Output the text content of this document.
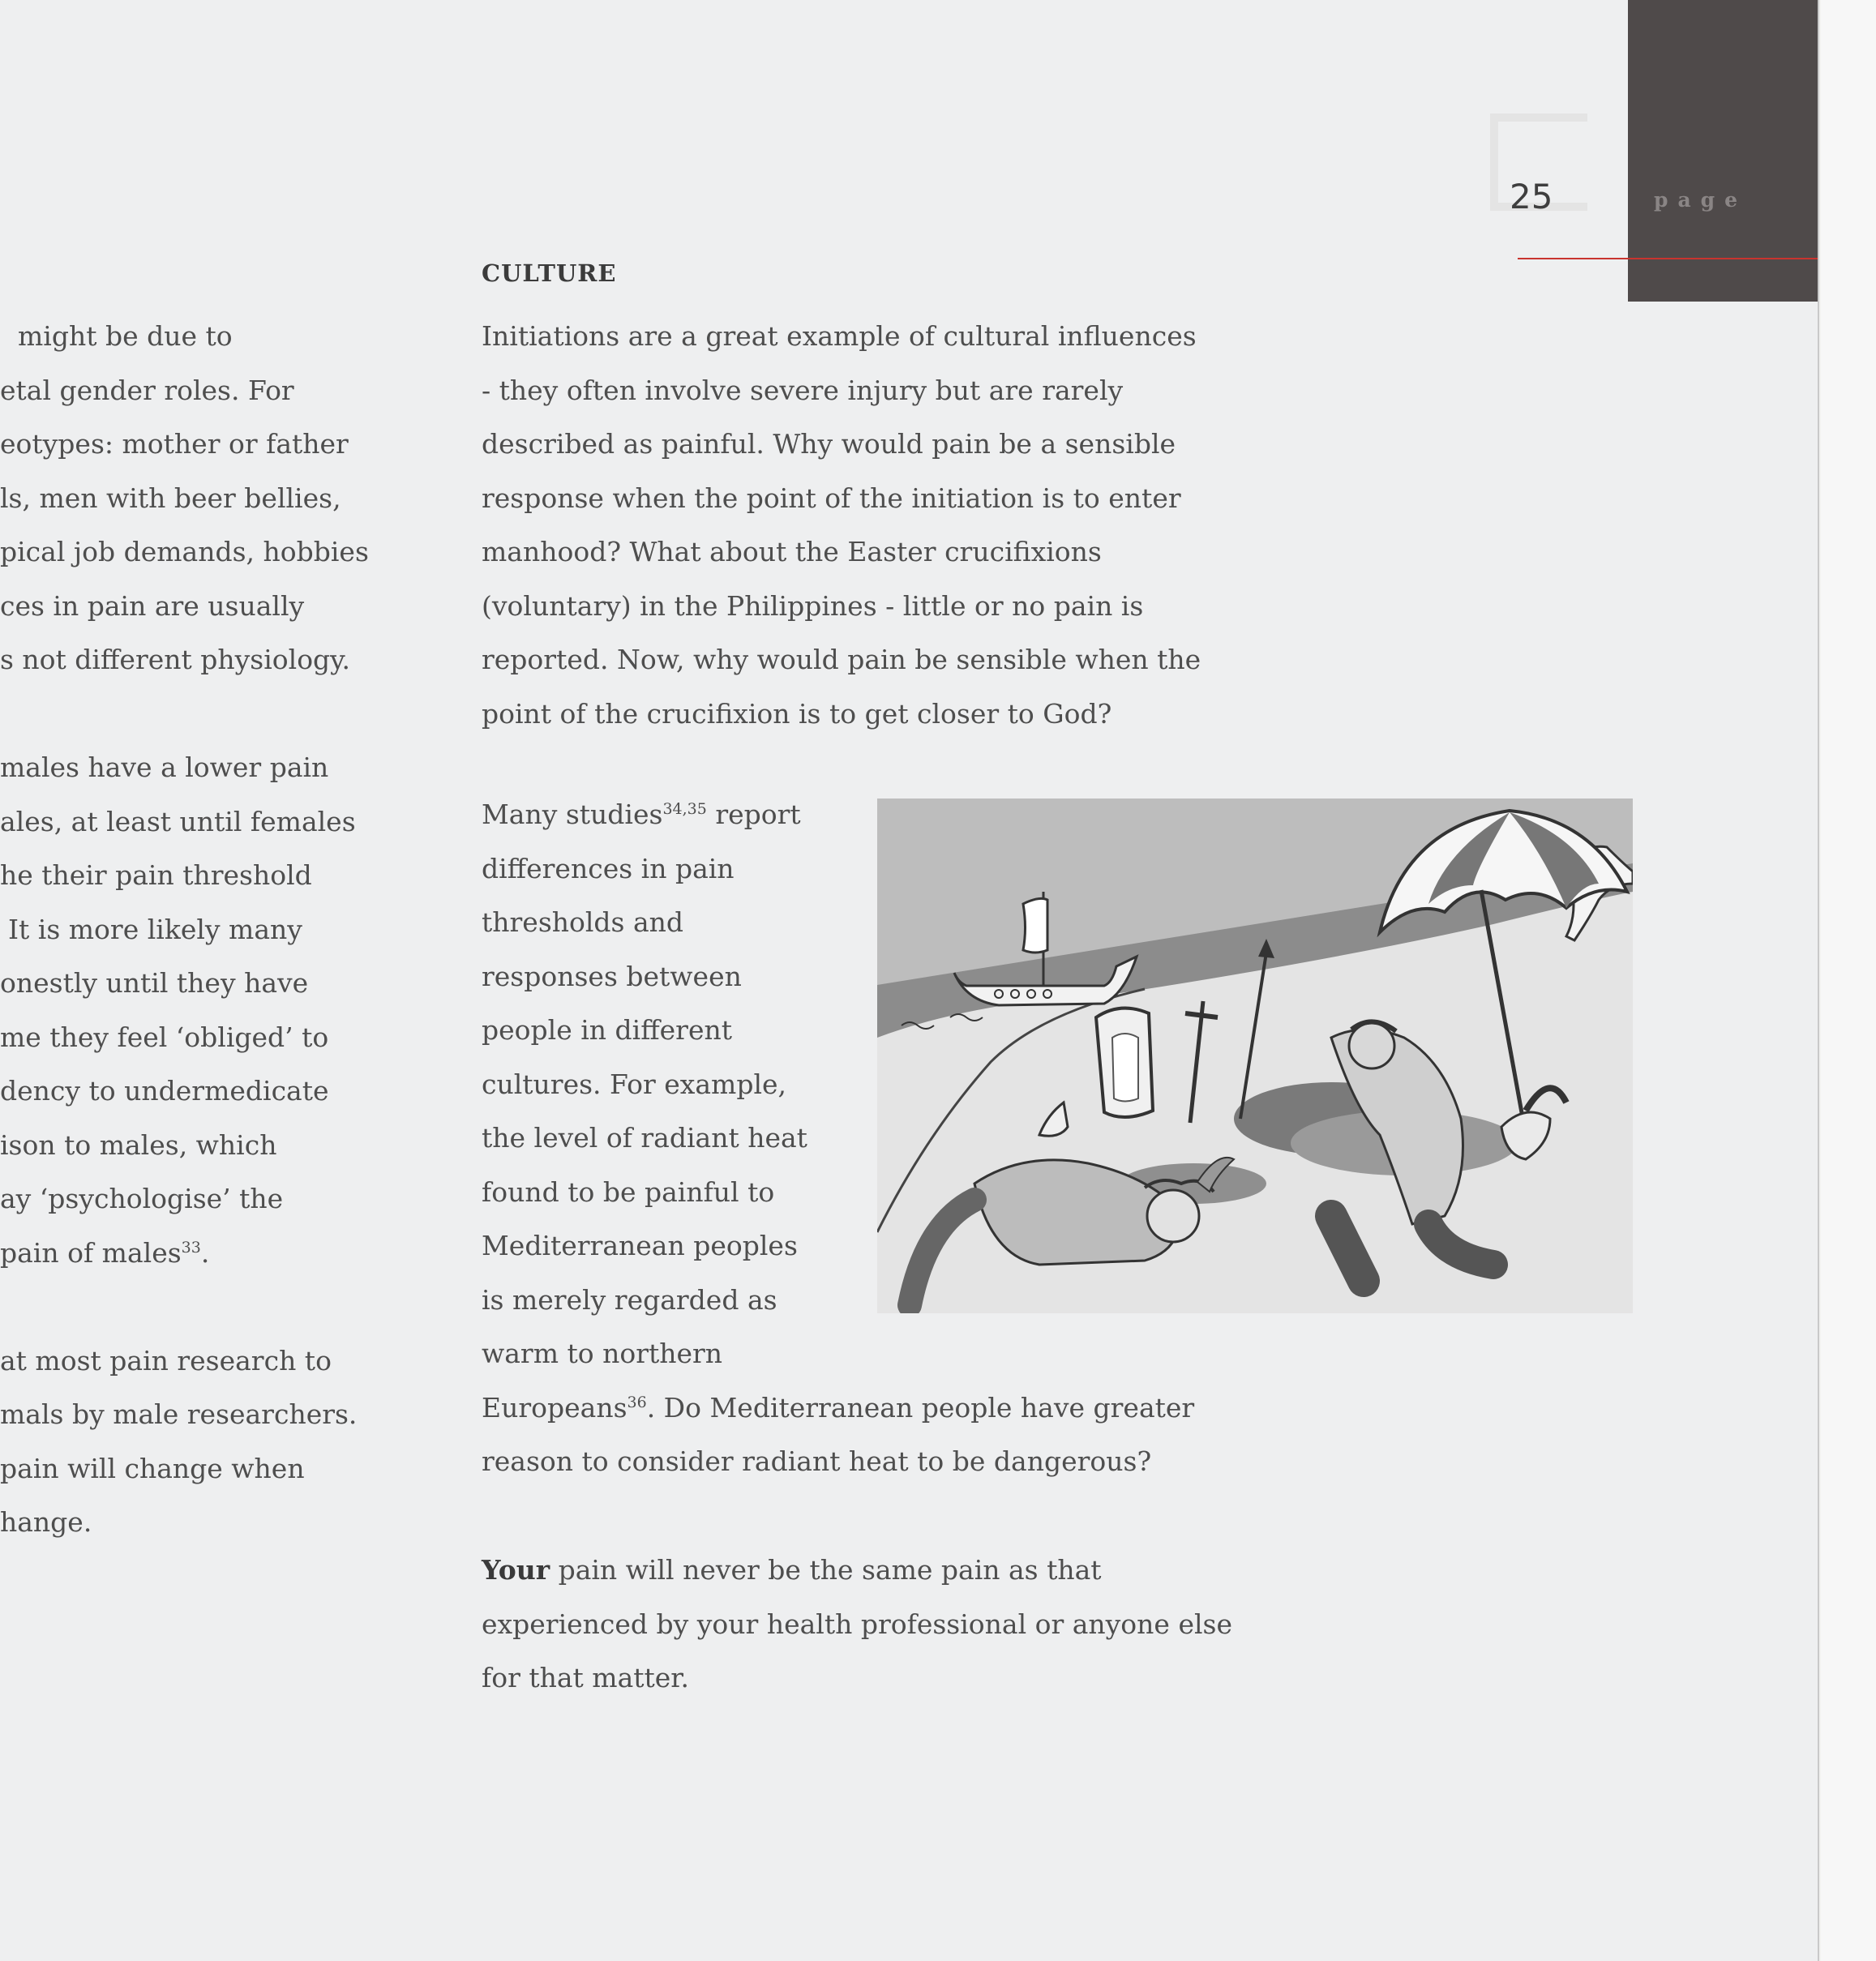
page
25
might be due to
etal gender roles. For
eotypes: mother or father
ls, men with beer bellies,
pical job demands, hobbies
ces in pain are usually
s not different physiology.
males have a lower pain
ales, at least until females
he their pain threshold
It is more likely many
onestly until they have
me they feel ‘obliged’ to
dency to undermedicate
ison to males, which
ay ‘psychologise’ the
pain of males$^{33}$.
at most pain research to
mals by male researchers.
pain will change when
hange.
CULTURE
Initiations are a great example of cultural influences
- they often involve severe injury but are rarely
described as painful. Why would pain be a sensible
response when the point of the initiation is to enter
manhood? What about the Easter crucifixions
(voluntary) in the Philippines - little or no pain is
reported. Now, why would pain be sensible when the
point of the crucifixion is to get closer to God?
Many studies$^{34,35}$ report
differences in pain
thresholds and
responses between
people in different
cultures. For example,
the level of radiant heat
found to be painful to
Mediterranean peoples
is merely regarded as
warm to northern
Europeans$^{36}$. Do Mediterranean people have greater
reason to consider radiant heat to be dangerous?
Your pain will never be the same pain as that
experienced by your health professional or anyone else
for that matter.
